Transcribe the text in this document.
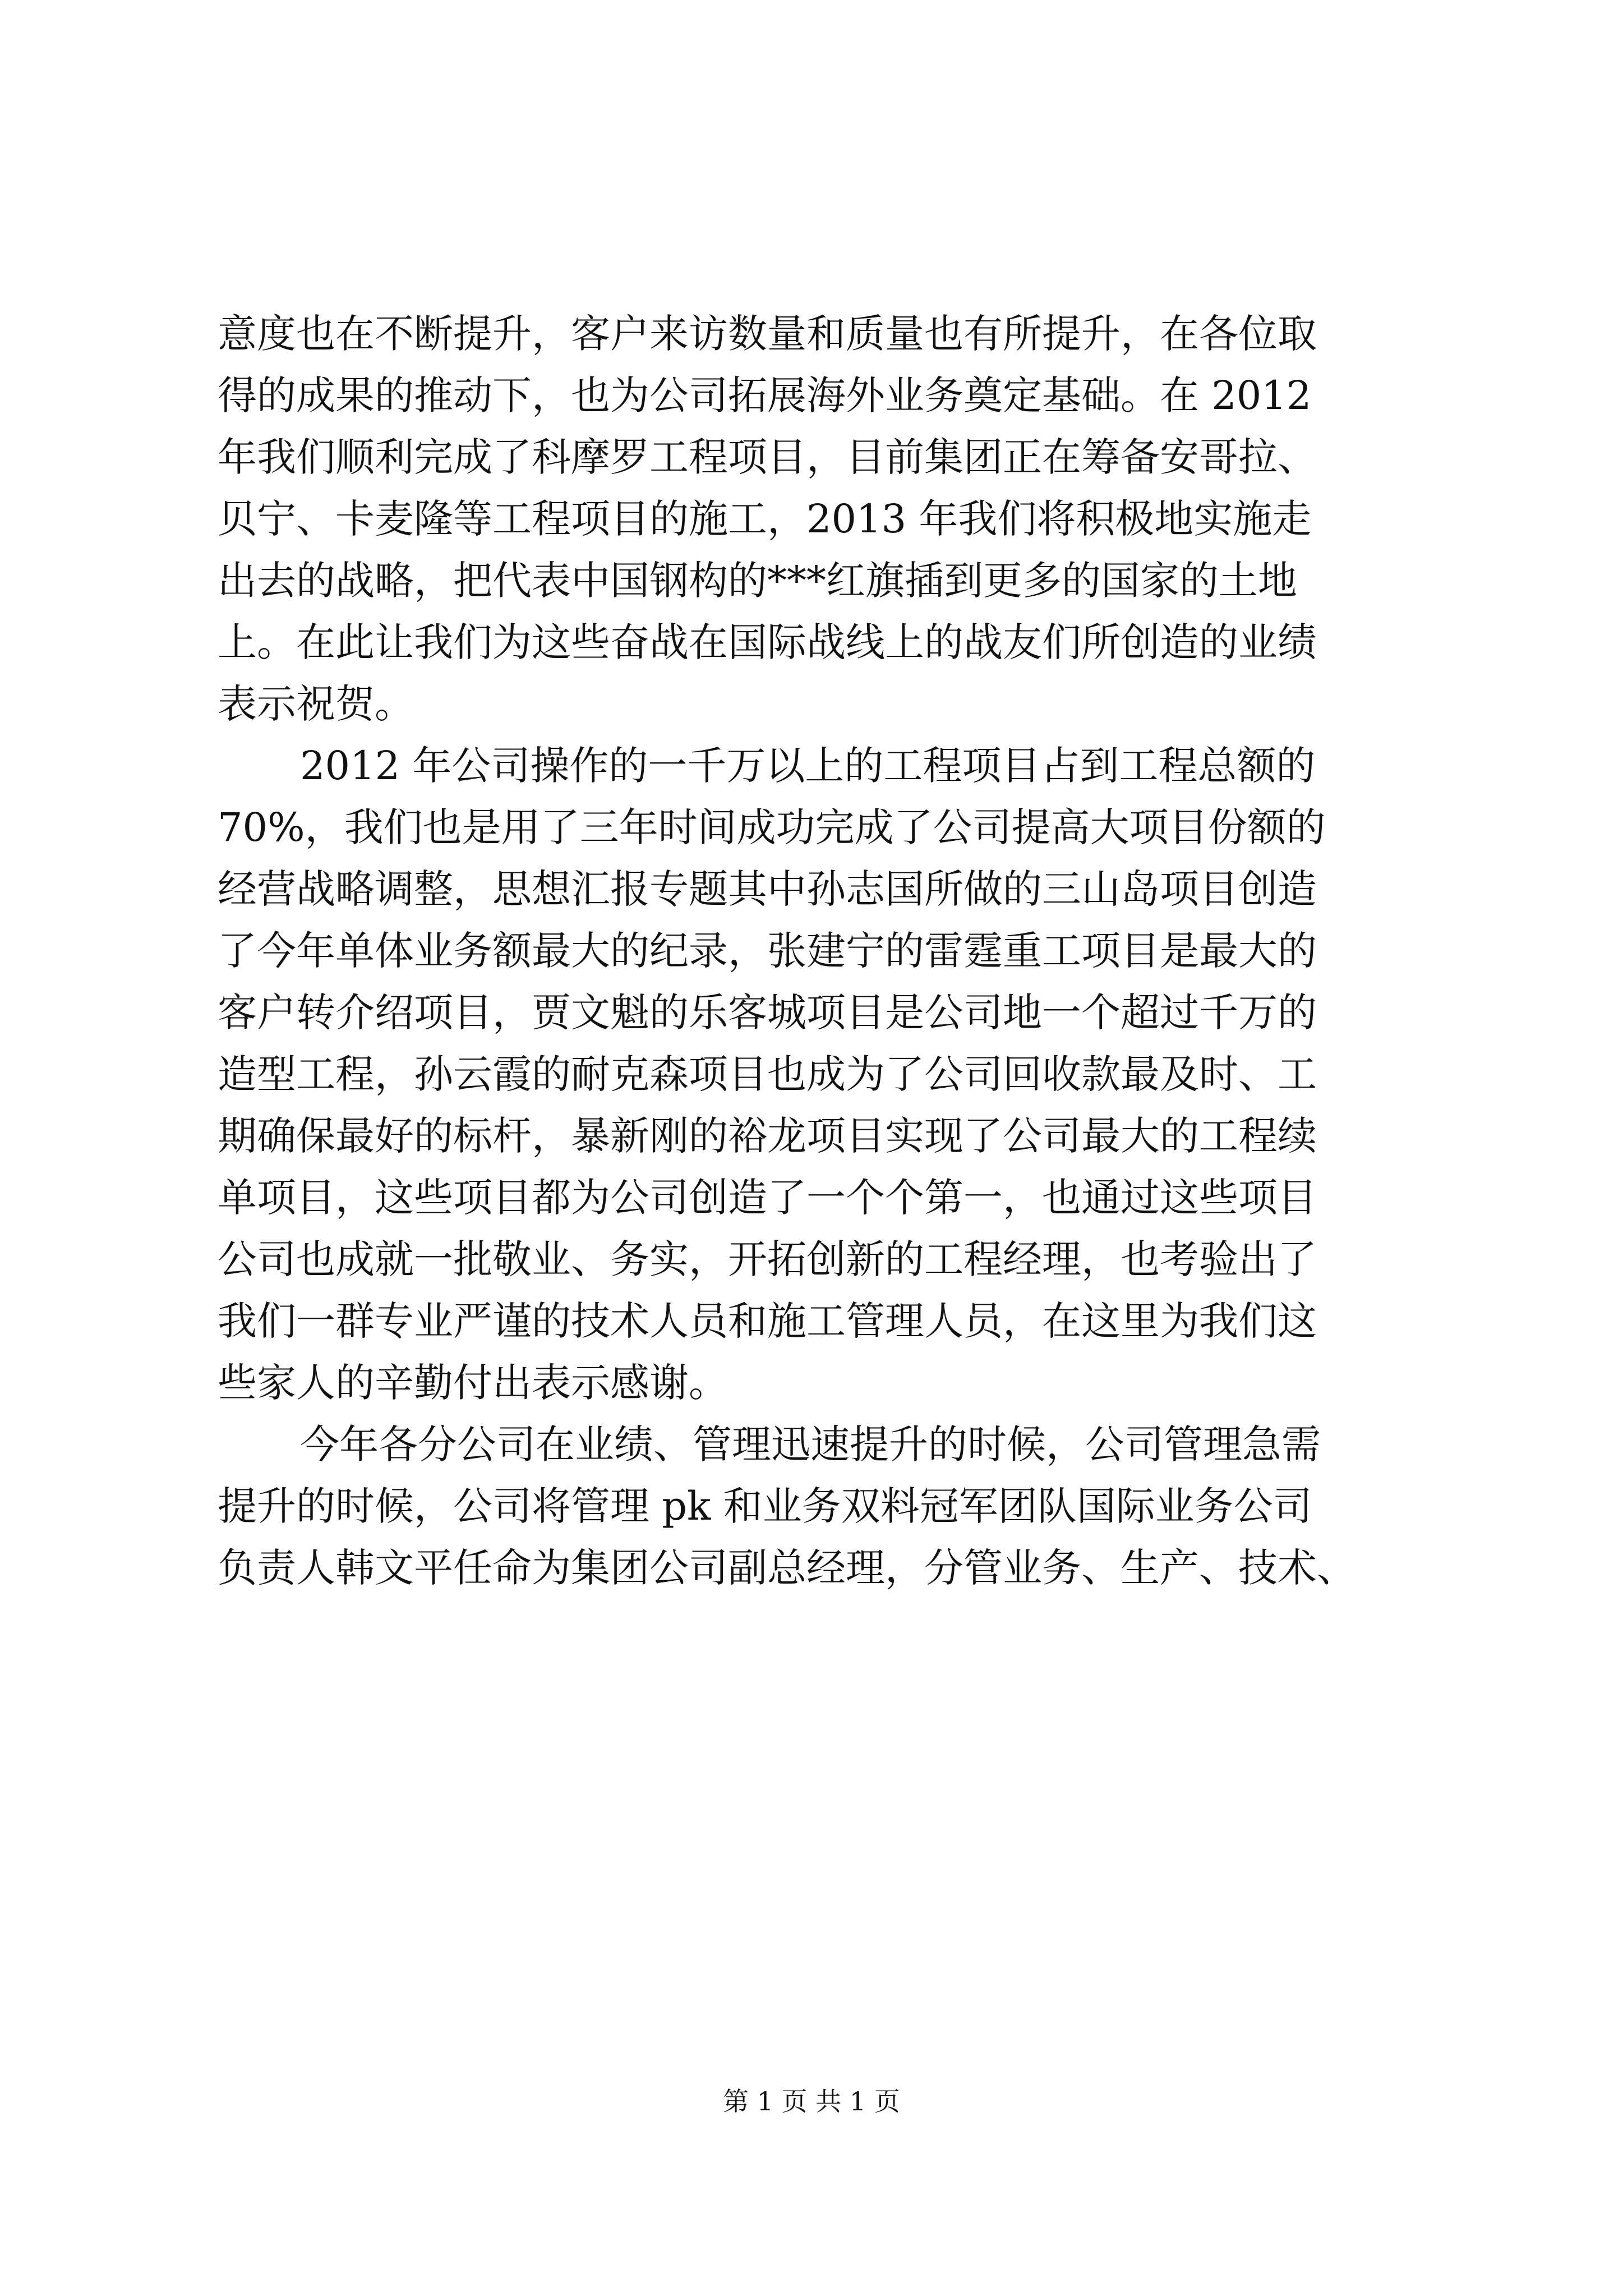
意度也在不断提升，客户来访数量和质量也有所提升，在各位取
得的成果的推动下，也为公司拓展海外业务奠定基础。在 2012
年我们顺利完成了科摩罗工程项目，目前集团正在筹备安哥拉、
贝宁、卡麦隆等工程项目的施工，2013 年我们将积极地实施走
出去的战略，把代表中国钢构的***红旗插到更多的国家的土地
上。在此让我们为这些奋战在国际战线上的战友们所创造的业绩
表示祝贺。
2012 年公司操作的一千万以上的工程项目占到工程总额的
70%，我们也是用了三年时间成功完成了公司提高大项目份额的
经营战略调整，思想汇报专题其中孙志国所做的三山岛项目创造
了今年单体业务额最大的纪录，张建宁的雷霆重工项目是最大的
客户转介绍项目，贾文魁的乐客城项目是公司地一个超过千万的
造型工程，孙云霞的耐克森项目也成为了公司回收款最及时、工
期确保最好的标杆，暴新刚的裕龙项目实现了公司最大的工程续
单项目，这些项目都为公司创造了一个个第一，也通过这些项目
公司也成就一批敬业、务实，开拓创新的工程经理，也考验出了
我们一群专业严谨的技术人员和施工管理人员，在这里为我们这
些家人的辛勤付出表示感谢。
今年各分公司在业绩、管理迅速提升的时候，公司管理急需
提升的时候，公司将管理 pk 和业务双料冠军团队国际业务公司
负责人韩文平任命为集团公司副总经理，分管业务、生产、技术、
第 1 页 共 1 页
